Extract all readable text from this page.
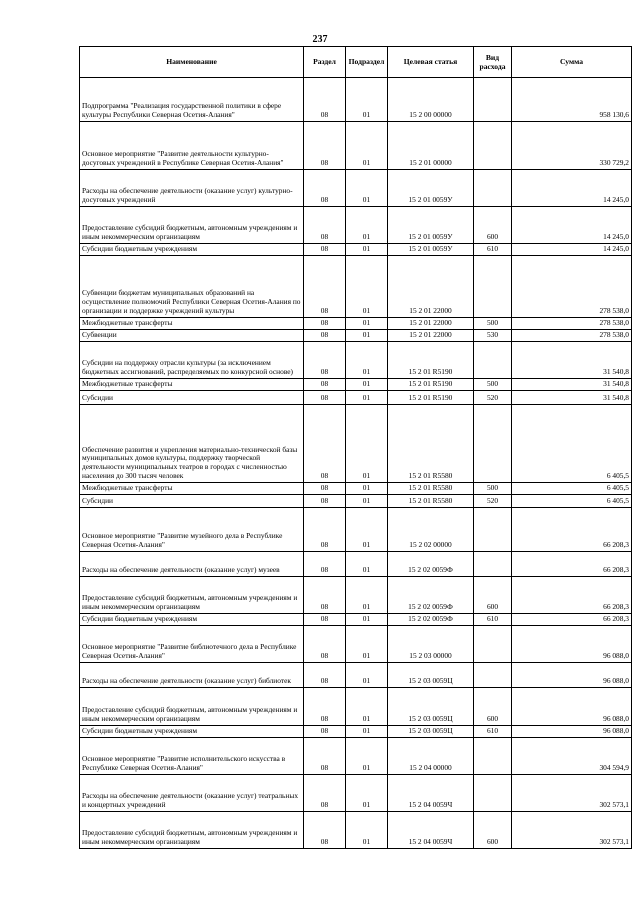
237
Наименование	Раздел	Подраздел	Целевая статья	Вид расхода	Сумма
Подпрограмма "Реализация государственной политики в сфере культуры Республики Северная Осетия-Алания"	08	01	15 2 00 00000		958 130,6
Основное мероприятие "Развитие деятельности культурно-досуговых учреждений в Республике Северная Осетия-Алания"	08	01	15 2 01 00000		330 729,2
Расходы на обеспечение деятельности (оказание услуг) культурно-досуговых учреждений	08	01	15 2 01 0059У		14 245,0
Предоставление субсидий бюджетным, автономным учреждениям и иным некоммерческим организациям	08	01	15 2 01 0059У	600	14 245,0
Субсидии бюджетным учреждениям	08	01	15 2 01 0059У	610	14 245,0
Субвенции бюджетам муниципальных образований на осуществление полномочий Республики Северная Осетия-Алания по организации и поддержке учреждений культуры	08	01	15 2 01 22000		278 538,0
Межбюджетные трансферты	08	01	15 2 01 22000	500	278 538,0
Субвенции	08	01	15 2 01 22000	530	278 538,0
Субсидии на поддержку отрасли культуры (за исключением бюджетных ассигнований, распределяемых по конкурсной основе)	08	01	15 2 01 R5190		31 540,8
Межбюджетные трансферты	08	01	15 2 01 R5190	500	31 540,8
Субсидии	08	01	15 2 01 R5190	520	31 540,8
Обеспечение развития и укрепления материально-технической базы муниципальных домов культуры, поддержку творческой деятельности муниципальных театров в городах с численностью населения до 300 тысяч человек	08	01	15 2 01 R5580		6 405,5
Межбюджетные трансферты	08	01	15 2 01 R5580	500	6 405,5
Субсидии	08	01	15 2 01 R5580	520	6 405,5
Основное мероприятие "Развитие музейного дела в Республике Северная Осетия-Алания"	08	01	15 2 02 00000		66 208,3
Расходы на обеспечение деятельности (оказание услуг) музеев	08	01	15 2 02 0059Ф		66 208,3
Предоставление субсидий бюджетным, автономным учреждениям и иным некоммерческим организациям	08	01	15 2 02 0059Ф	600	66 208,3
Субсидии бюджетным учреждениям	08	01	15 2 02 0059Ф	610	66 208,3
Основное мероприятие "Развитие библиотечного дела в Республике Северная Осетия-Алания"	08	01	15 2 03 00000		96 088,0
Расходы на обеспечение деятельности (оказание услуг) библиотек	08	01	15 2 03 0059Ц		96 088,0
Предоставление субсидий бюджетным, автономным учреждениям и иным некоммерческим организациям	08	01	15 2 03 0059Ц	600	96 088,0
Субсидии бюджетным учреждениям	08	01	15 2 03 0059Ц	610	96 088,0
Основное мероприятие "Развитие исполнительского искусства в Республике Северная Осетия-Алания"	08	01	15 2 04 00000		304 594,9
Расходы на обеспечение деятельности (оказание услуг) театральных и концертных учреждений	08	01	15 2 04 0059Ч		302 573,1
Предоставление субсидий бюджетным, автономным учреждениям и иным некоммерческим организациям	08	01	15 2 04 0059Ч	600	302 573,1
